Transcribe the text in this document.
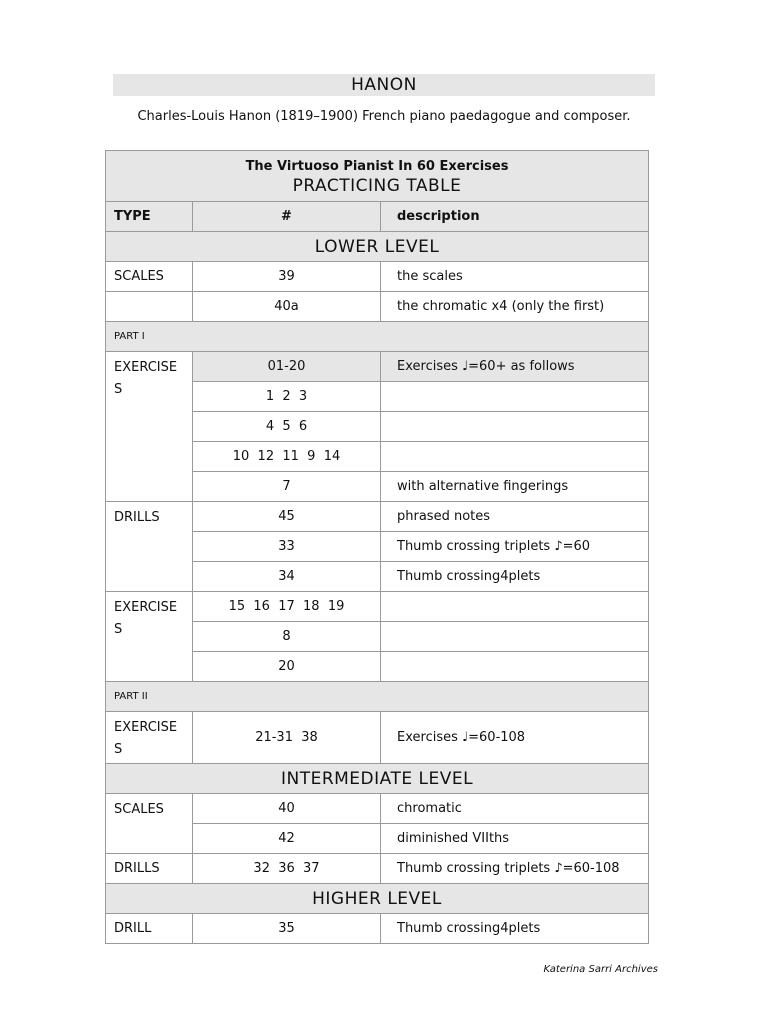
HANON
Charles-Louis Hanon (1819–1900) French piano paedagogue and composer.
The Virtuoso Pianist In 60 Exercises
PRACTICING TABLE		

TYPE	#	description
LOWER LEVEL		
SCALES	39	the scales
	40a	the chromatic x4 (only the first)
PART I		
EXERCISE
S	01-20	Exercises ♩=60+ as follows
	1  2  3	
	4  5  6	
	10  12  11  9  14	
	7	with alternative fingerings
DRILLS	45	phrased notes
	33	Thumb crossing triplets ♪=60
	34	Thumb crossing4plets
EXERCISE
S	15  16  17  18  19	
	8	
	20	
PART II		
EXERCISE
S	21-31  38	Exercises ♩=60-108
INTERMEDIATE LEVEL		
SCALES	40	chromatic
	42	diminished VIIths
DRILLS	32  36  37	Thumb crossing triplets ♪=60-108
HIGHER LEVEL		
DRILL	35	Thumb crossing4plets
Katerina Sarri Archives
